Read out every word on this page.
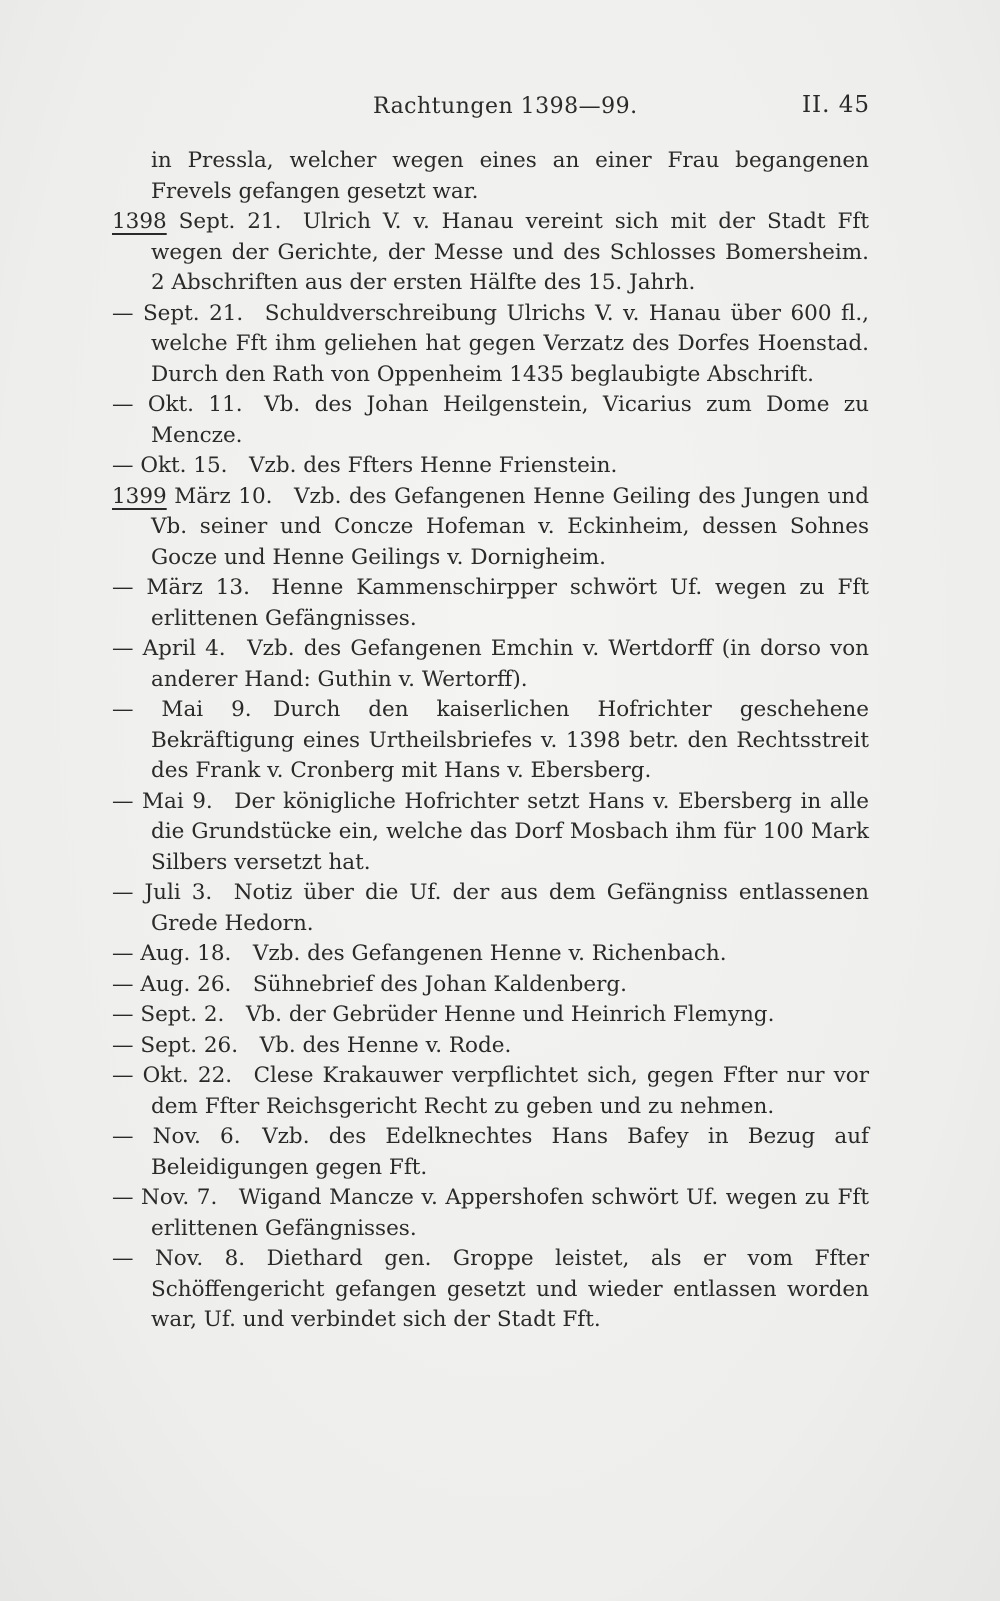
Rachtungen 1398—99.	II. 45

in Pressla, welcher wegen eines an einer Frau begangenen Frevels gefangen gesetzt war.

1398 Sept. 21.  Ulrich V. v. Hanau vereint sich mit der Stadt Fft wegen der Gerichte, der Messe und des Schlosses Bomersheim. 2 Abschriften aus der ersten Hälfte des 15. Jahrh.

— Sept. 21.  Schuldverschreibung Ulrichs V. v. Hanau über 600 fl., welche Fft ihm geliehen hat gegen Verzatz des Dorfes Hoenstad. Durch den Rath von Oppenheim 1435 beglaubigte Abschrift.

— Okt. 11.  Vb. des Johan Heilgenstein, Vicarius zum Dome zu Mencze.

— Okt. 15.  Vzb. des Ffters Henne Frienstein.

1399 März 10.  Vzb. des Gefangenen Henne Geiling des Jungen und Vb. seiner und Concze Hofeman v. Eckinheim, dessen Sohnes Gocze und Henne Geilings v. Dornigheim.

— März 13.  Henne Kammenschirpper schwört Uf. wegen zu Fft erlittenen Gefängnisses.

— April 4.  Vzb. des Gefangenen Emchin v. Wertdorff (in dorso von anderer Hand: Guthin v. Wertorff).

— Mai 9.  Durch den kaiserlichen Hofrichter geschehene Bekräftigung eines Urtheilsbriefes v. 1398 betr. den Rechtsstreit des Frank v. Cronberg mit Hans v. Ebersberg.

— Mai 9.  Der königliche Hofrichter setzt Hans v. Ebersberg in alle die Grundstücke ein, welche das Dorf Mosbach ihm für 100 Mark Silbers versetzt hat.

— Juli 3.  Notiz über die Uf. der aus dem Gefängniss entlassenen Grede Hedorn.

— Aug. 18.  Vzb. des Gefangenen Henne v. Richenbach.

— Aug. 26.  Sühnebrief des Johan Kaldenberg.

— Sept. 2.  Vb. der Gebrüder Henne und Heinrich Flemyng.

— Sept. 26.  Vb. des Henne v. Rode.

— Okt. 22.  Clese Krakauwer verpflichtet sich, gegen Ffter nur vor dem Ffter Reichsgericht Recht zu geben und zu nehmen.

— Nov. 6.  Vzb. des Edelknechtes Hans Bafey in Bezug auf Beleidigungen gegen Fft.

— Nov. 7.  Wigand Mancze v. Appershofen schwört Uf. wegen zu Fft erlittenen Gefängnisses.

— Nov. 8.  Diethard gen. Groppe leistet, als er vom Ffter Schöffengericht gefangen gesetzt und wieder entlassen worden war, Uf. und verbindet sich der Stadt Fft.
